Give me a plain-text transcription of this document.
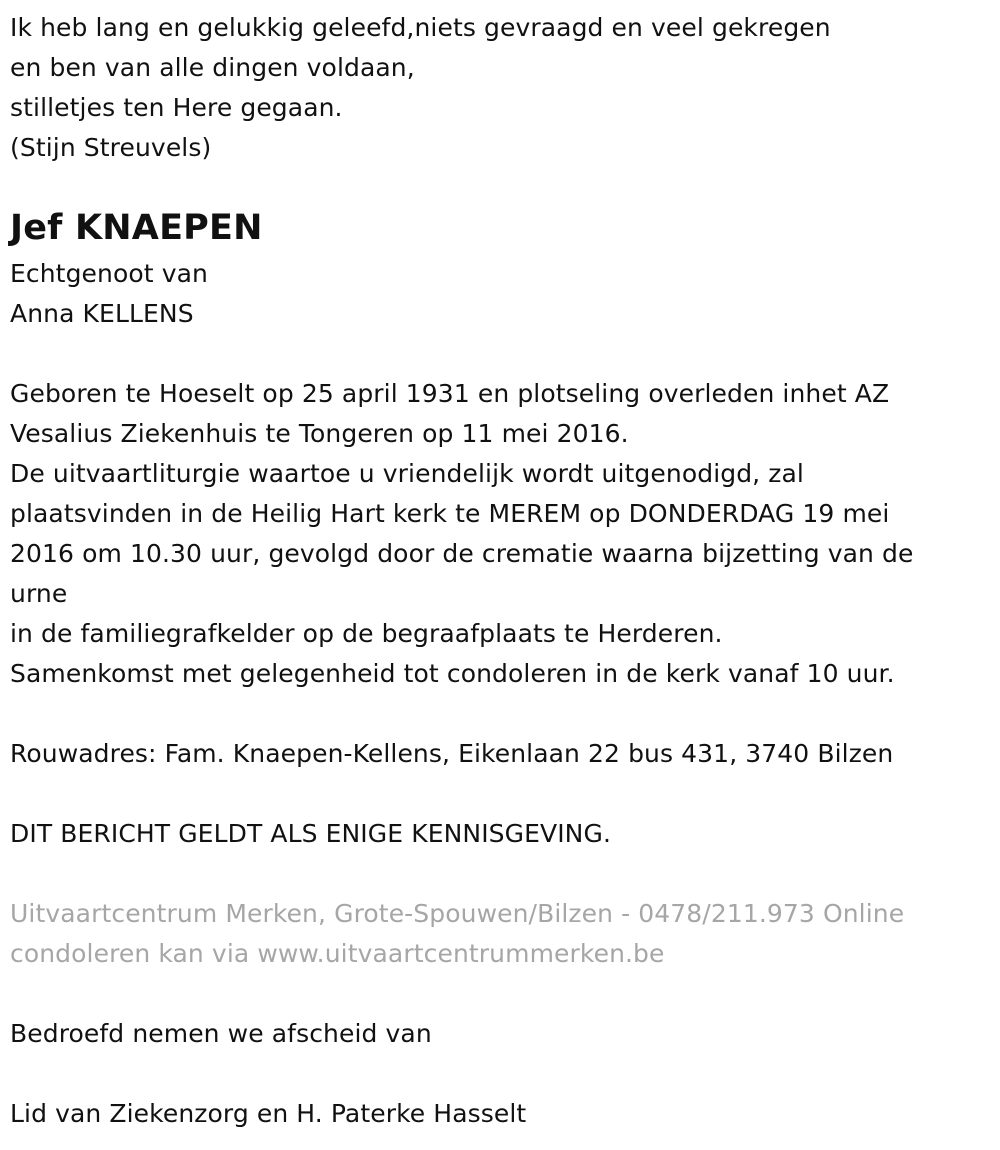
Ik heb lang en gelukkig geleefd,niets gevraagd en veel gekregen
en ben van alle dingen voldaan,
stilletjes ten Here gegaan.
(Stijn Streuvels)
Jef KNAEPEN
Echtgenoot van
Anna KELLENS
Geboren te Hoeselt op 25 april 1931 en plotseling overleden inhet AZ
Vesalius Ziekenhuis te Tongeren op 11 mei 2016.
De uitvaartliturgie waartoe u vriendelijk wordt uitgenodigd, zal
plaatsvinden in de Heilig Hart kerk te MEREM op DONDERDAG 19 mei
2016 om 10.30 uur, gevolgd door de crematie waarna bijzetting van de
urne
in de familiegrafkelder op de begraafplaats te Herderen.
Samenkomst met gelegenheid tot condoleren in de kerk vanaf 10 uur.
Rouwadres: Fam. Knaepen-Kellens, Eikenlaan 22 bus 431, 3740 Bilzen
DIT BERICHT GELDT ALS ENIGE KENNISGEVING.
Uitvaartcentrum Merken, Grote-Spouwen/Bilzen - 0478/211.973 Online
condoleren kan via www.uitvaartcentrummerken.be
Bedroefd nemen we afscheid van
Lid van Ziekenzorg en H. Paterke Hasselt
